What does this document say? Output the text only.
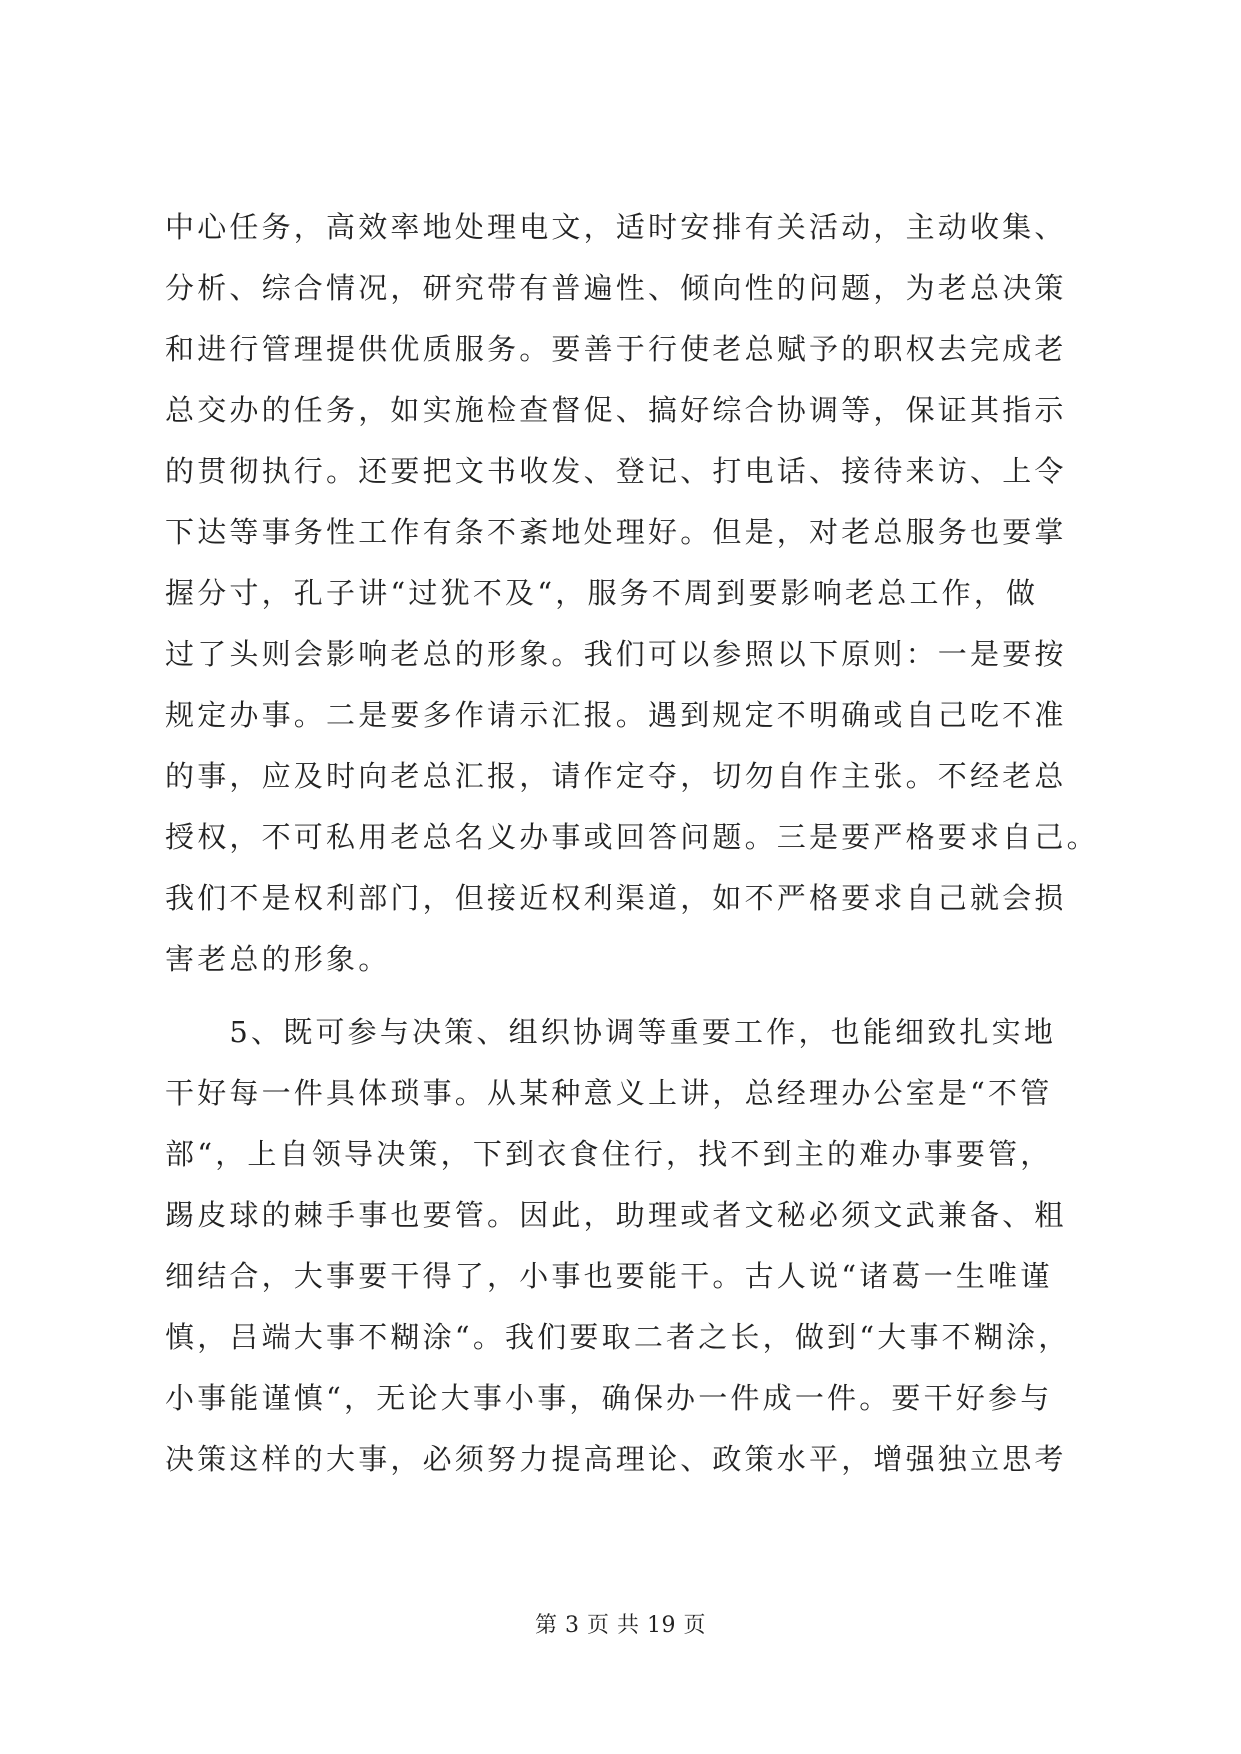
中心任务，高效率地处理电文，适时安排有关活动，主动收集、
分析、综合情况，研究带有普遍性、倾向性的问题，为老总决策
和进行管理提供优质服务。要善于行使老总赋予的职权去完成老
总交办的任务，如实施检查督促、搞好综合协调等，保证其指示
的贯彻执行。还要把文书收发、登记、打电话、接待来访、上令
下达等事务性工作有条不紊地处理好。但是，对老总服务也要掌
握分寸，孔子讲“过犹不及“，服务不周到要影响老总工作，做
过了头则会影响老总的形象。我们可以参照以下原则：一是要按
规定办事。二是要多作请示汇报。遇到规定不明确或自己吃不准
的事，应及时向老总汇报，请作定夺，切勿自作主张。不经老总
授权，不可私用老总名义办事或回答问题。三是要严格要求自己。
我们不是权利部门，但接近权利渠道，如不严格要求自己就会损
害老总的形象。
　　5、既可参与决策、组织协调等重要工作，也能细致扎实地
干好每一件具体琐事。从某种意义上讲，总经理办公室是“不管
部“，上自领导决策，下到衣食住行，找不到主的难办事要管，
踢皮球的棘手事也要管。因此，助理或者文秘必须文武兼备、粗
细结合，大事要干得了，小事也要能干。古人说“诸葛一生唯谨
慎，吕端大事不糊涂“。我们要取二者之长，做到“大事不糊涂，
小事能谨慎“，无论大事小事，确保办一件成一件。要干好参与
决策这样的大事，必须努力提高理论、政策水平，增强独立思考
第 3 页 共 19 页
